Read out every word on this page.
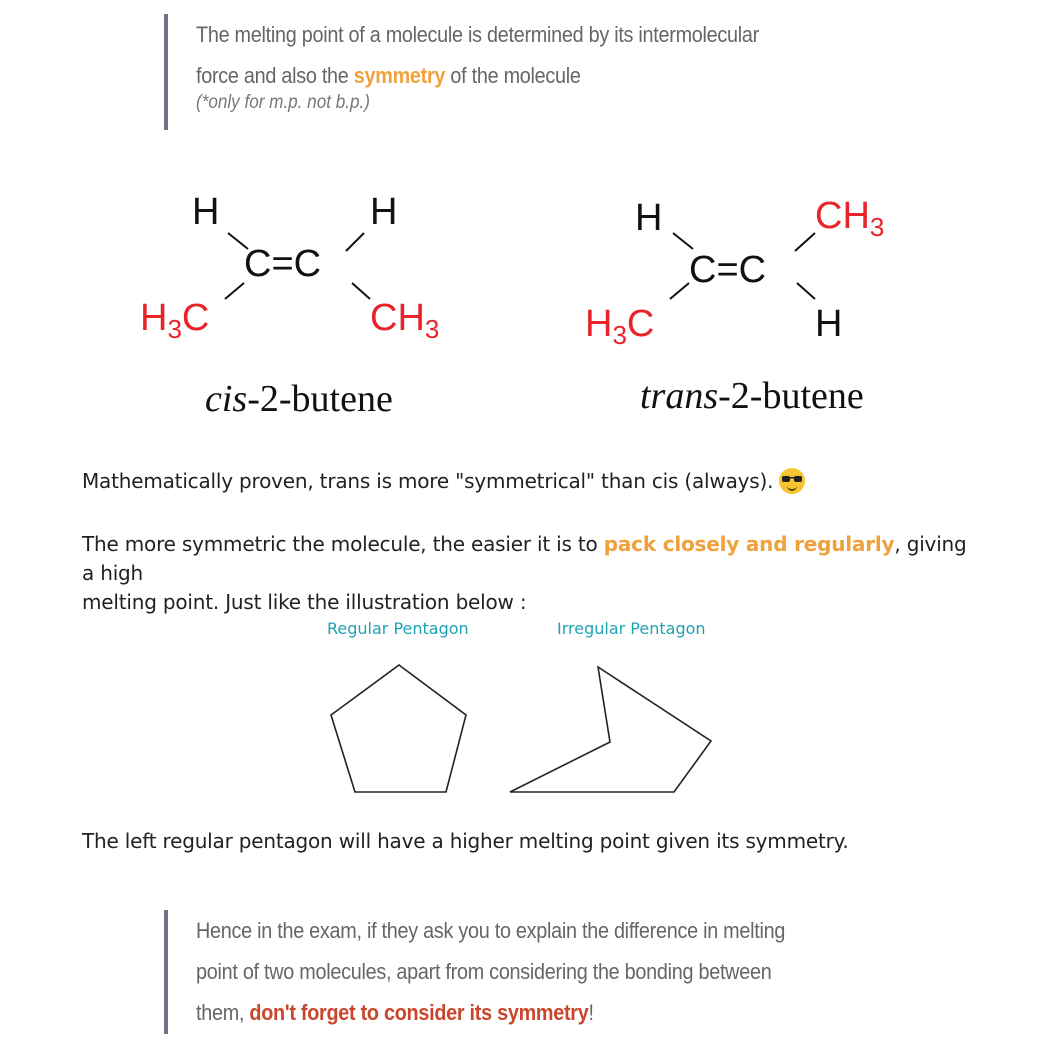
The melting point of a molecule is determined by its intermolecular
force and also the symmetry of the molecule
(*only for m.p. not b.p.)
H	H
C=C
$H_3C$	$CH_3$
cis-2-butene
H	$CH_3$
C=C
$H_3C$	H
trans-2-butene
Mathematically proven, trans is more "symmetrical" than cis (always).
The more symmetric the molecule, the easier it is to pack closely and regularly, giving a high
melting point. Just like the illustration below :
Regular Pentagon	Irregular Pentagon
The left regular pentagon will have a higher melting point given its symmetry.
Hence in the exam, if they ask you to explain the difference in melting
point of two molecules, apart from considering the bonding between
them, don't forget to consider its symmetry!
